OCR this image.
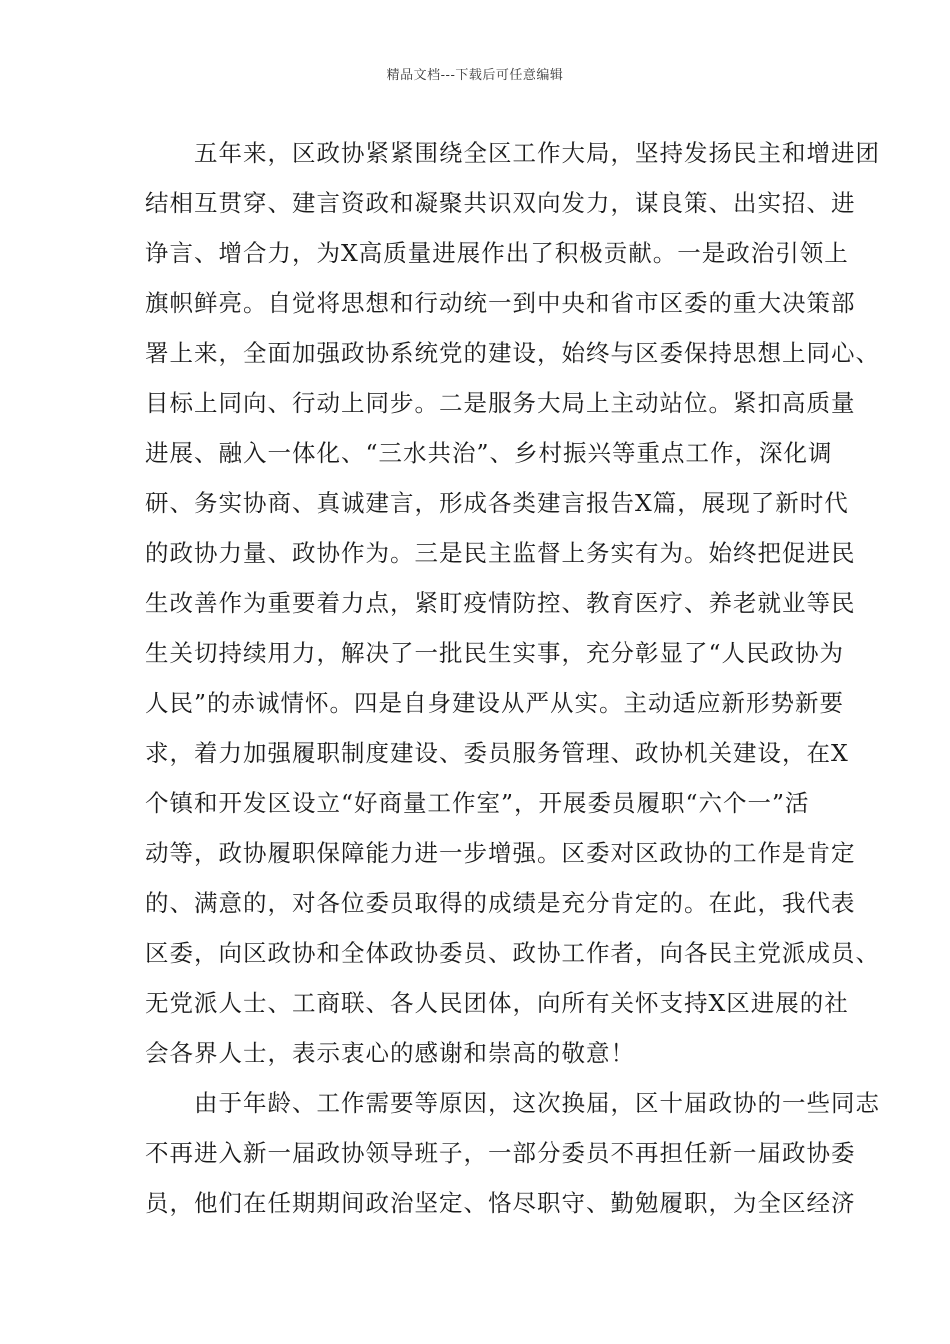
精品文档---下载后可任意编辑
　　五年来，区政协紧紧围绕全区工作大局，坚持发扬民主和增进团
结相互贯穿、建言资政和凝聚共识双向发力，谋良策、出实招、进
诤言、增合力，为X高质量进展作出了积极贡献。一是政治引领上
旗帜鲜亮。自觉将思想和行动统一到中央和省市区委的重大决策部
署上来，全面加强政协系统党的建设，始终与区委保持思想上同心、
目标上同向、行动上同步。二是服务大局上主动站位。紧扣高质量
进展、融入一体化、“三水共治”、乡村振兴等重点工作，深化调
研、务实协商、真诚建言，形成各类建言报告X篇，展现了新时代
的政协力量、政协作为。三是民主监督上务实有为。始终把促进民
生改善作为重要着力点，紧盯疫情防控、教育医疗、养老就业等民
生关切持续用力，解决了一批民生实事，充分彰显了“人民政协为
人民”的赤诚情怀。四是自身建设从严从实。主动适应新形势新要
求，着力加强履职制度建设、委员服务管理、政协机关建设，在X
个镇和开发区设立“好商量工作室”，开展委员履职“六个一”活
动等，政协履职保障能力进一步增强。区委对区政协的工作是肯定
的、满意的，对各位委员取得的成绩是充分肯定的。在此，我代表
区委，向区政协和全体政协委员、政协工作者，向各民主党派成员、
无党派人士、工商联、各人民团体，向所有关怀支持X区进展的社
会各界人士，表示衷心的感谢和崇高的敬意！
　　由于年龄、工作需要等原因，这次换届，区十届政协的一些同志
不再进入新一届政协领导班子，一部分委员不再担任新一届政协委
员，他们在任期期间政治坚定、恪尽职守、勤勉履职，为全区经济
